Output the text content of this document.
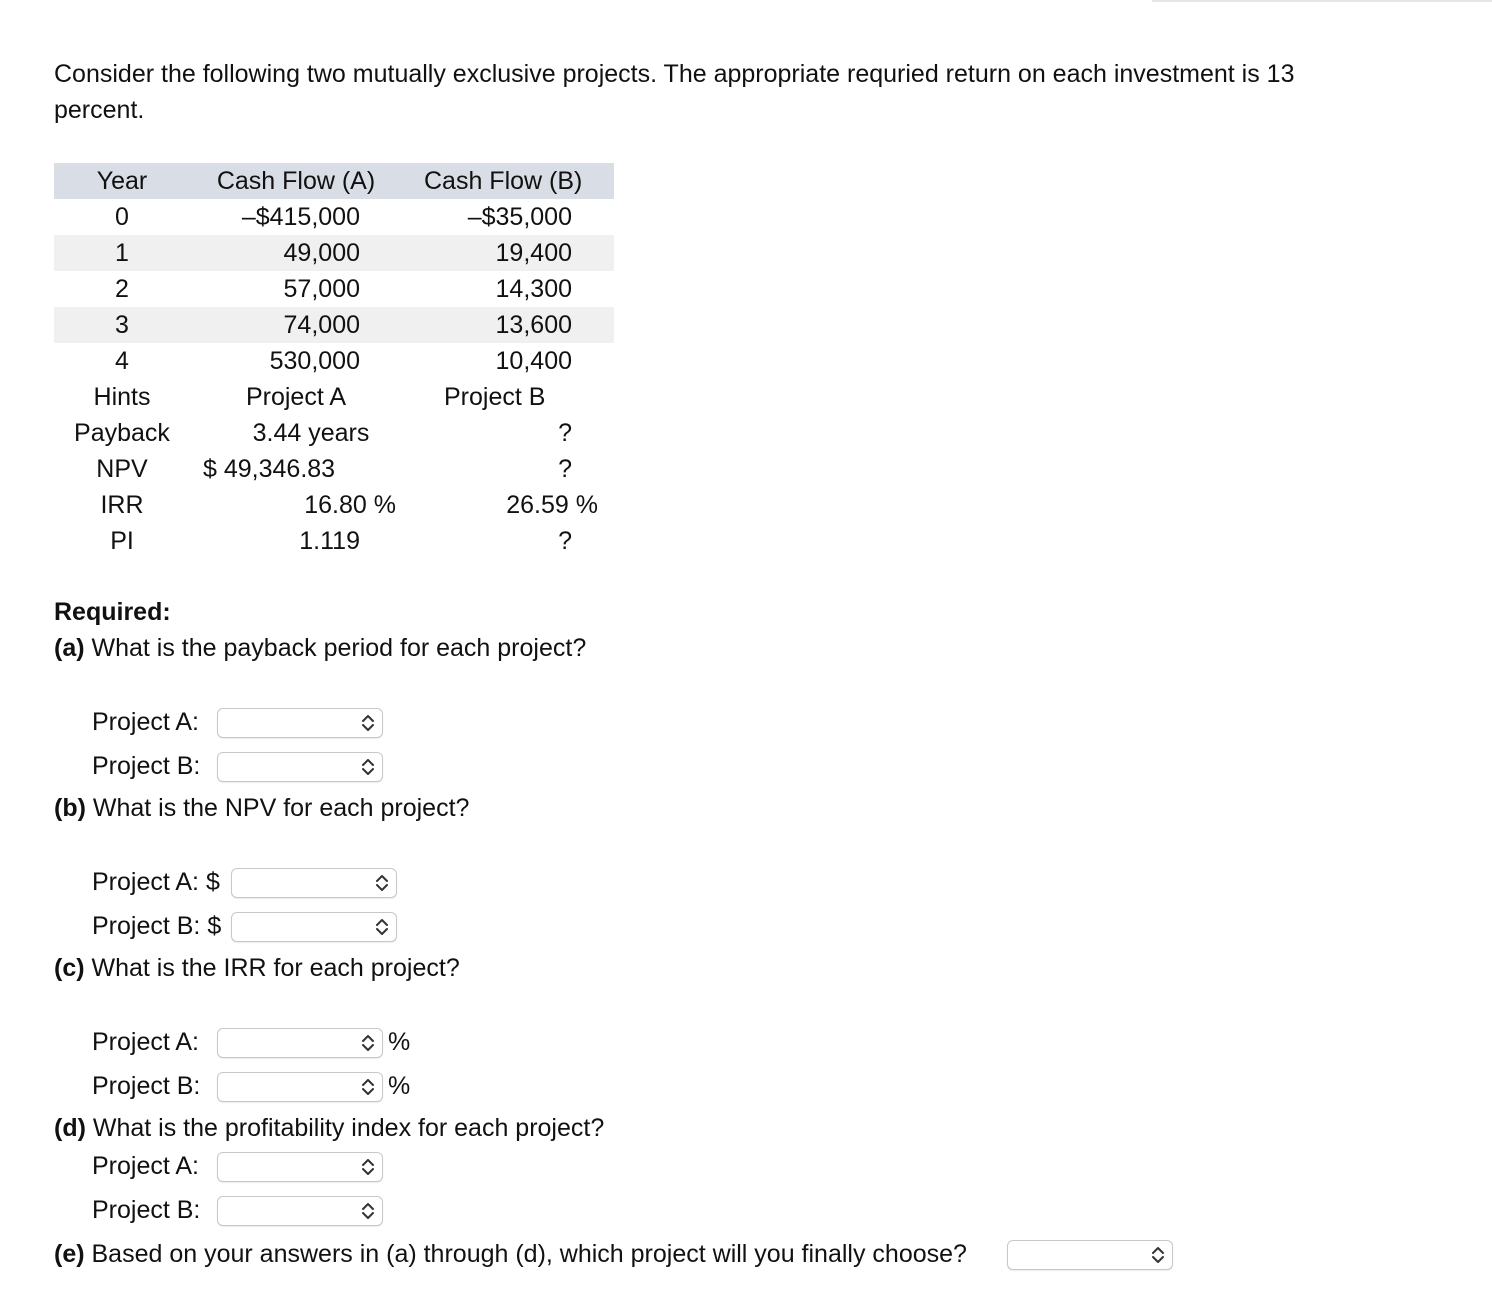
Consider the following two mutually exclusive projects. The appropriate requried return on each investment is 13 percent.
Year	Cash Flow (A)	Cash Flow (B)
0	–$415,000	–$35,000
1	49,000	19,400
2	57,000	14,300
3	74,000	13,600
4	530,000	10,400
Hints	Project A	Project B
Payback	3.44 years	?
NPV	$ 49,346.83	?
IRR	16.80 %	26.59 %
PI	1.119	?
Required:
(a) What is the payback period for each project?
Project A:
Project B:
(b) What is the NPV for each project?
Project A: $
Project B: $
(c) What is the IRR for each project?
Project A:	%
Project B:	%
(d) What is the profitability index for each project?
Project A:
Project B:
(e) Based on your answers in (a) through (d), which project will you finally choose?
